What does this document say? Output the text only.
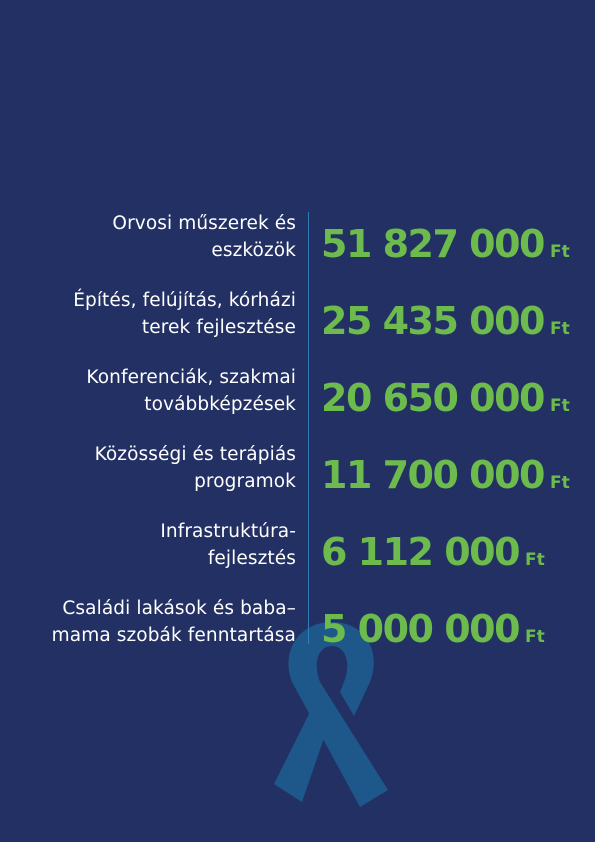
Orvosi műszerek és
eszközök 51 827 000 Ft
Építés, felújítás, kórházi
terek fejlesztése 25 435 000 Ft
Konferenciák, szakmai
továbbképzések 20 650 000 Ft
Közösségi és terápiás
programok 11 700 000 Ft
Infrastruktúra-
fejlesztés 6 112 000 Ft
Családi lakások és baba–
mama szobák fenntartása 5 000 000 Ft
